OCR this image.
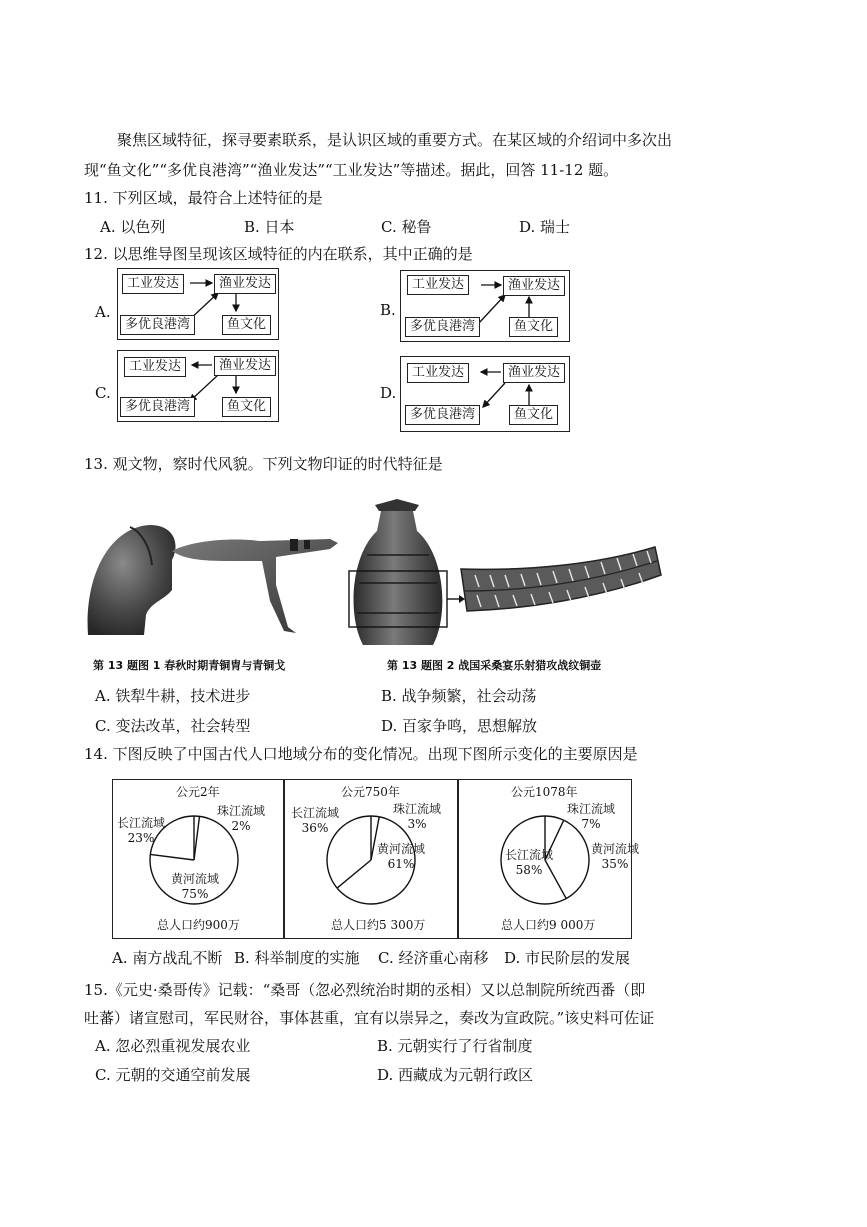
聚焦区域特征，探寻要素联系，是认识区域的重要方式。在某区域的介绍词中多次出
现“鱼文化”“多优良港湾”“渔业发达”“工业发达”等描述。据此，回答 11-12 题。
11. 下列区域，最符合上述特征的是
A. 以色列	B. 日本	C. 秘鲁	D. 瑞士
12. 以思维导图呈现该区域特征的内在联系，其中正确的是
A.
工业发达	渔业发达
多优良港湾	鱼文化
B.
工业发达	渔业发达
多优良港湾	鱼文化
C.
工业发达	渔业发达
多优良港湾	鱼文化
D.
工业发达	渔业发达
多优良港湾	鱼文化
13. 观文物，察时代风貌。下列文物印证的时代特征是
第 13 题图 1 春秋时期青铜胄与青铜戈	第 13 题图 2 战国采桑宴乐射猎攻战纹铜壶
A. 铁犁牛耕，技术进步	B. 战争频繁，社会动荡
C. 变法改革，社会转型	D. 百家争鸣，思想解放
14. 下图反映了中国古代人口地域分布的变化情况。出现下图所示变化的主要原因是
公元2年
长江流域
23%
珠江流域
2%
黄河流域
75%
总人口约900万
公元750年
长江流域
36%
珠江流域
3%
黄河流域
61%
总人口约5 300万
公元1078年
长江流域
58%
珠江流域
7%
黄河流域
35%
总人口约9 000万
A. 南方战乱不断 B. 科举制度的实施 C. 经济重心南移 D. 市民阶层的发展
15.《元史·桑哥传》记载：“桑哥（忽必烈统治时期的丞相）又以总制院所统西番（即
吐蕃）诸宣慰司，军民财谷，事体甚重，宜有以崇异之，奏改为宣政院。”该史料可佐证
A. 忽必烈重视发展农业	B. 元朝实行了行省制度
C. 元朝的交通空前发展	D. 西藏成为元朝行政区
